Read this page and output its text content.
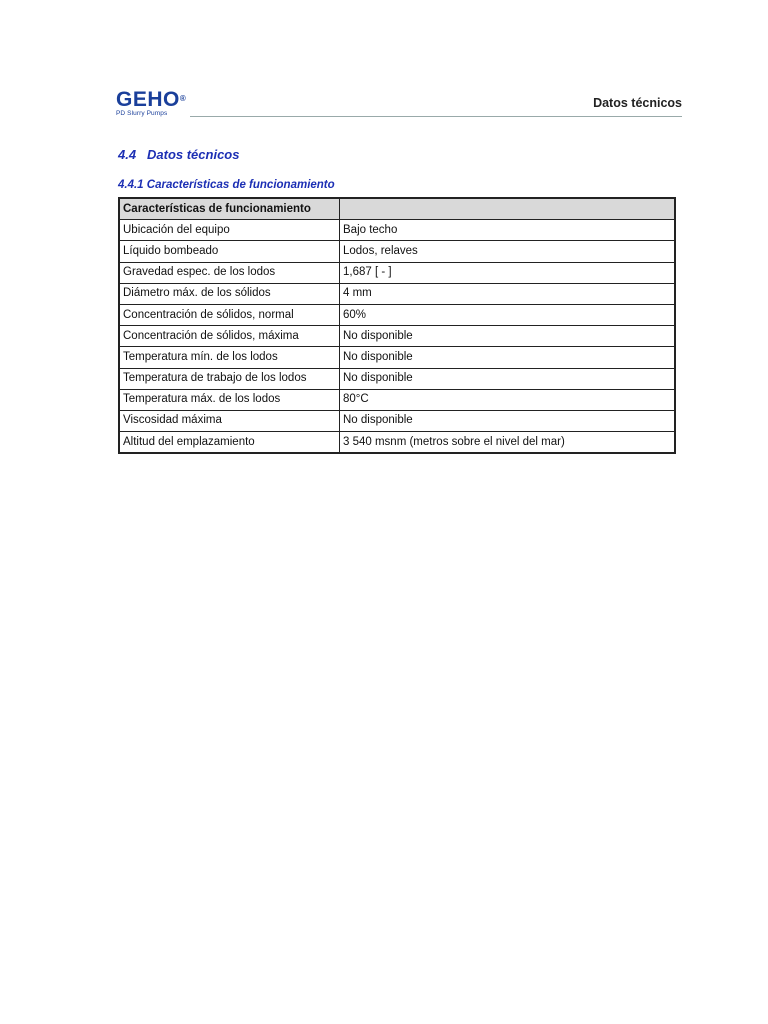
GEHO®
PD Slurry Pumps
Datos técnicos
4.4 Datos técnicos
4.4.1 Características de funcionamiento
Características de funcionamiento	
Ubicación del equipo	Bajo techo
Líquido bombeado	Lodos, relaves
Gravedad espec. de los lodos	1,687 [ - ]
Diámetro máx. de los sólidos	4 mm
Concentración de sólidos, normal	60%
Concentración de sólidos, máxima	No disponible
Temperatura mín. de los lodos	No disponible
Temperatura de trabajo de los lodos	No disponible
Temperatura máx. de los lodos	80°C
Viscosidad máxima	No disponible
Altitud del emplazamiento	3 540 msnm (metros sobre el nivel del mar)
